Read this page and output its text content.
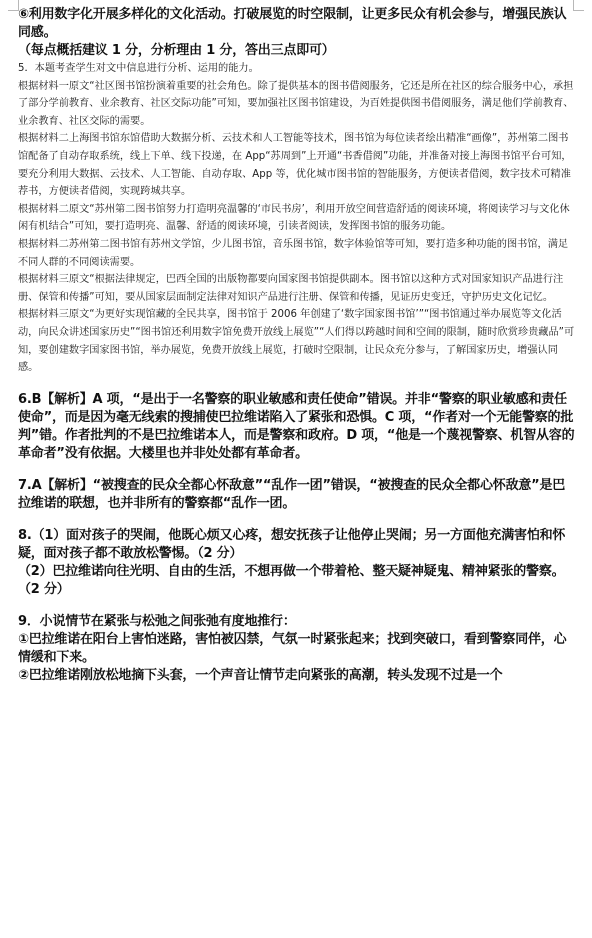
⑥利用数字化开展多样化的文化活动。打破展览的时空限制，让更多民众有机会参与，增强民族认同感。

（每点概括建议 1 分，分析理由 1 分，答出三点即可）

5．本题考查学生对文中信息进行分析、运用的能力。

根据材料一原文“社区图书馆扮演着重要的社会角色。除了提供基本的图书借阅服务，它还是所在社区的综合服务中心，承担了部分学前教育、业余教育、社区交际功能”可知，要加强社区图书馆建设，为百姓提供图书借阅服务，满足他们学前教育、业余教育、社区交际的需要。

根据材料二上海图书馆东馆借助大数据分析、云技术和人工智能等技术，图书馆为每位读者绘出精准“画像”，苏州第二图书馆配备了自动存取系统，线上下单、线下投递，在 App“苏周到”上开通“书香借阅”功能，并准备对接上海图书馆平台可知，要充分利用大数据、云技术、人工智能、自动存取、App 等，优化城市图书馆的智能服务，方便读者借阅，数字技术可精准荐书，方便读者借阅，实现跨城共享。

根据材料二原文“苏州第二图书馆努力打造明亮温馨的‘市民书房’，利用开放空间营造舒适的阅读环境，将阅读学习与文化休闲有机结合”可知，要打造明亮、温馨、舒适的阅读环境，引读者阅读，发挥图书馆的服务功能。

根据材料二苏州第二图书馆有苏州文学馆，少儿图书馆，音乐图书馆，数字体验馆等可知，要打造多种功能的图书馆，满足不同人群的不同阅读需要。

根据材料三原文“根据法律规定，巴西全国的出版物都要向国家图书馆提供副本。图书馆以这种方式对国家知识产品进行注册、保管和传播”可知，要从国家层面制定法律对知识产品进行注册、保管和传播，见证历史变迁，守护历史文化记忆。

根据材料三原文“为更好实现馆藏的全民共享，图书馆于 2006 年创建了‘数字国家图书馆’”“图书馆通过举办展览等文化活动，向民众讲述国家历史”“图书馆还利用数字馆免费开放线上展览”“人们得以跨越时间和空间的限制，随时欣赏珍贵藏品”可知，要创建数字国家图书馆，举办展览，免费开放线上展览，打破时空限制，让民众充分参与，了解国家历史，增强认同感。

6.B【解析】A 项，“是出于一名警察的职业敏感和责任使命”错误。并非“警察的职业敏感和责任使命”，而是因为毫无线索的搜捕使巴拉维诺陷入了紧张和恐惧。C 项，“作者对一个无能警察的批判”错。作者批判的不是巴拉维诺本人，而是警察和政府。D 项，“他是一个蔑视警察、机智从容的革命者”没有依据。大楼里也并非处处都有革命者。

7.A【解析】“被搜查的民众全都心怀敌意”“乱作一团”错误，“被搜查的民众全都心怀敌意”是巴拉维诺的联想，也并非所有的警察都“乱作一团。

8.（1）面对孩子的哭闹，他既心烦又心疼，想安抚孩子让他停止哭闹；另一方面他充满害怕和怀疑，面对孩子都不敢放松警惕。（2 分）

（2）巴拉维诺向往光明、自由的生活，不想再做一个带着枪、整天疑神疑鬼、精神紧张的警察。（2 分）

9．小说情节在紧张与松弛之间张弛有度地推行：

①巴拉维诺在阳台上害怕迷路，害怕被囚禁，气氛一时紧张起来；找到突破口，看到警察同伴，心情缓和下来。

②巴拉维诺刚放松地摘下头套，一个声音让情节走向紧张的高潮，转头发现不过是一个
